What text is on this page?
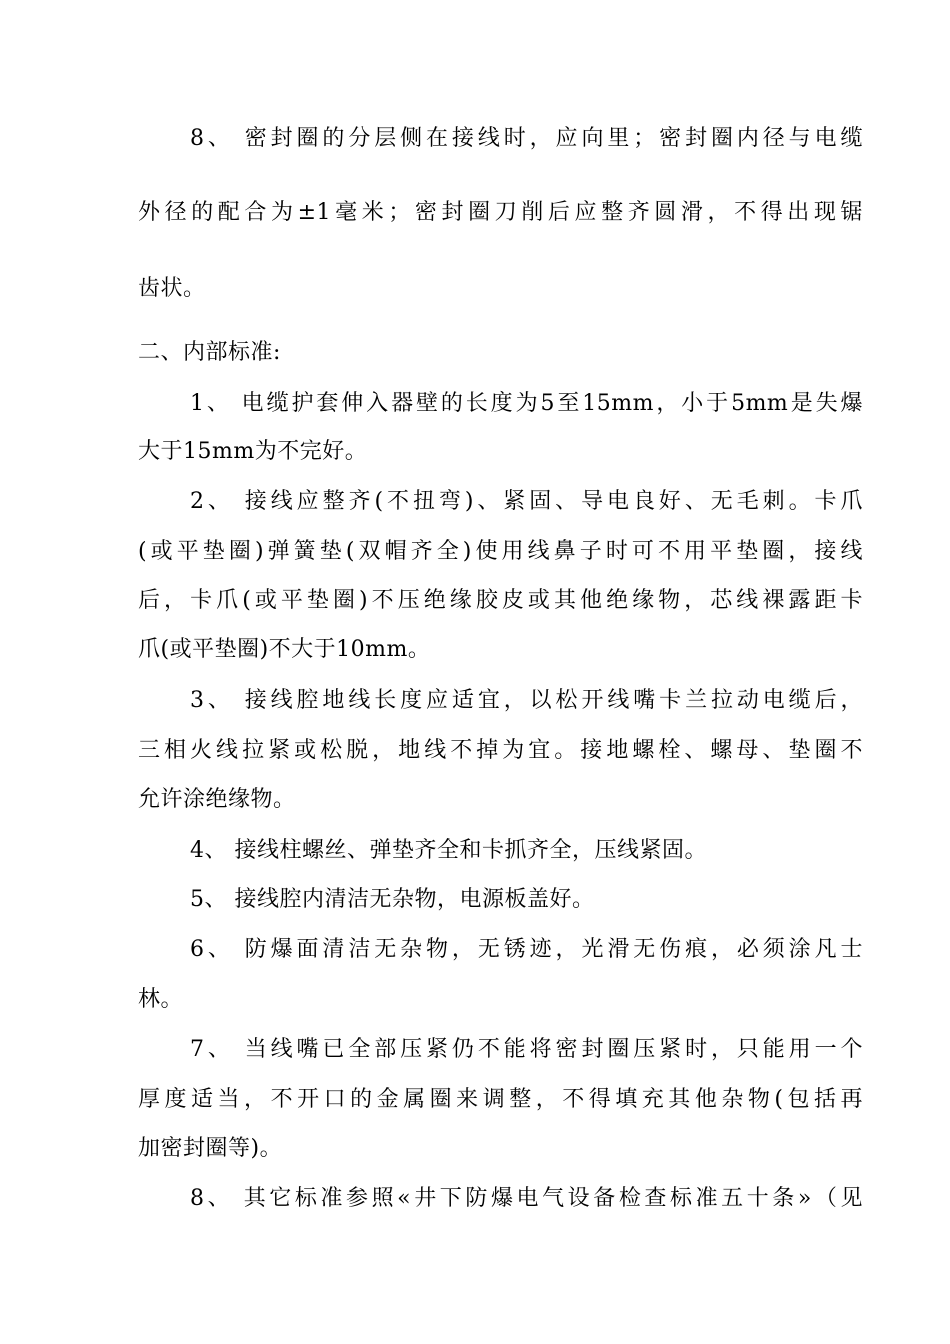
8、 密封圈的分层侧在接线时，应向里；密封圈内径与电缆
外径的配合为±1毫米；密封圈刀削后应整齐圆滑，不得出现锯
齿状。
二、内部标准:
1、 电缆护套伸入器壁的长度为5至15mm，小于5mm是失爆
大于15mm为不完好。
2、 接线应整齐(不扭弯)、紧固、导电良好、无毛刺。卡爪
(或平垫圈)弹簧垫(双帽齐全)使用线鼻子时可不用平垫圈，接线
后，卡爪(或平垫圈)不压绝缘胶皮或其他绝缘物，芯线裸露距卡
爪(或平垫圈)不大于10mm。
3、 接线腔地线长度应适宜，以松开线嘴卡兰拉动电缆后，
三相火线拉紧或松脱，地线不掉为宜。接地螺栓、螺母、垫圈不
允许涂绝缘物。
4、 接线柱螺丝、弹垫齐全和卡抓齐全，压线紧固。
5、 接线腔内清洁无杂物，电源板盖好。
6、 防爆面清洁无杂物，无锈迹，光滑无伤痕，必须涂凡士
林。
7、 当线嘴已全部压紧仍不能将密封圈压紧时，只能用一个
厚度适当，不开口的金属圈来调整，不得填充其他杂物(包括再
加密封圈等)。
8、 其它标准参照«井下防爆电气设备检查标准五十条»（见
